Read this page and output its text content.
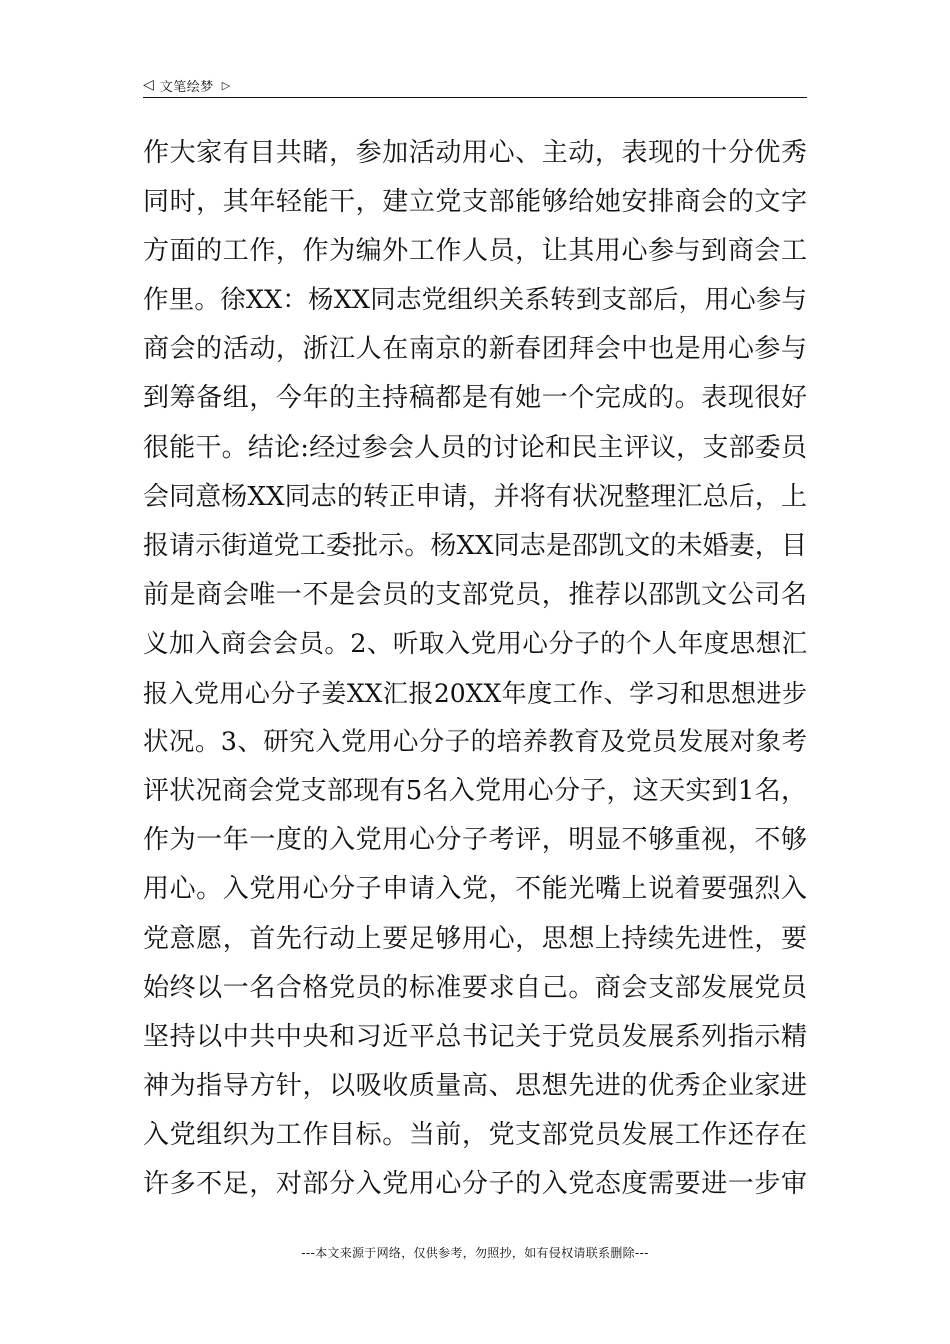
◁ 文笔绘梦 ▷
作大家有目共睹，参加活动用心、主动，表现的十分优秀
同时，其年轻能干，建立党支部能够给她安排商会的文字
方面的工作，作为编外工作人员，让其用心参与到商会工
作里。徐XX：杨XX同志党组织关系转到支部后，用心参与
商会的活动，浙江人在南京的新春团拜会中也是用心参与
到筹备组，今年的主持稿都是有她一个完成的。表现很好
很能干。结论:经过参会人员的讨论和民主评议，支部委员
会同意杨XX同志的转正申请，并将有状况整理汇总后，上
报请示街道党工委批示。杨XX同志是邵凯文的未婚妻，目
前是商会唯一不是会员的支部党员，推荐以邵凯文公司名
义加入商会会员。2、听取入党用心分子的个人年度思想汇
报入党用心分子姜XX汇报20XX年度工作、学习和思想进步
状况。3、研究入党用心分子的培养教育及党员发展对象考
评状况商会党支部现有5名入党用心分子，这天实到1名，
作为一年一度的入党用心分子考评，明显不够重视，不够
用心。入党用心分子申请入党，不能光嘴上说着要强烈入
党意愿，首先行动上要足够用心，思想上持续先进性，要
始终以一名合格党员的标准要求自己。商会支部发展党员
坚持以中共中央和习近平总书记关于党员发展系列指示精
神为指导方针，以吸收质量高、思想先进的优秀企业家进
入党组织为工作目标。当前，党支部党员发展工作还存在
许多不足，对部分入党用心分子的入党态度需要进一步审
---本文来源于网络，仅供参考，勿照抄，如有侵权请联系删除---
